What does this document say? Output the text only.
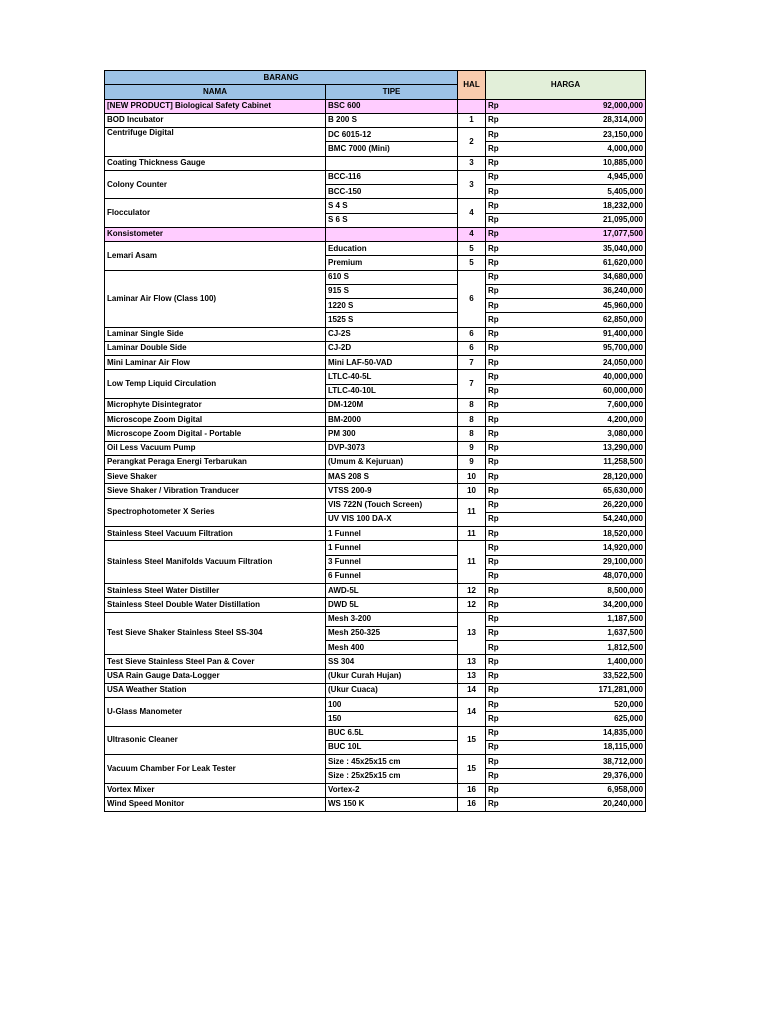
BARANG		HAL	HARGA	
NAMA	TIPE			
[NEW PRODUCT] Biological Safety Cabinet	BSC 600		Rp	92,000,000
BOD Incubator	B 200 S	1	Rp	28,314,000
Centrifuge Digital	DC 6015-12	2	Rp	23,150,000
	BMC 7000 (Mini)		Rp	4,000,000
Coating Thickness Gauge		3	Rp	10,885,000
Colony Counter	BCC-116	3	Rp	4,945,000
	BCC-150		Rp	5,405,000
Flocculator	S 4 S	4	Rp	18,232,000
	S 6 S		Rp	21,095,000
Konsistometer		4	Rp	17,077,500
Lemari Asam	Education	5	Rp	35,040,000
	Premium	5	Rp	61,620,000
Laminar Air Flow (Class 100)	610 S	6	Rp	34,680,000
	915 S		Rp	36,240,000
	1220 S		Rp	45,960,000
	1525 S		Rp	62,850,000
Laminar Single Side	CJ-2S	6	Rp	91,400,000
Laminar Double Side	CJ-2D	6	Rp	95,700,000
Mini Laminar Air Flow	Mini LAF-50-VAD	7	Rp	24,050,000
Low Temp Liquid Circulation	LTLC-40-5L	7	Rp	40,000,000
	LTLC-40-10L		Rp	60,000,000
Microphyte Disintegrator	DM-120M	8	Rp	7,600,000
Microscope Zoom Digital	BM-2000	8	Rp	4,200,000
Microscope Zoom Digital - Portable	PM 300	8	Rp	3,080,000
Oil Less Vacuum Pump	DVP-3073	9	Rp	13,290,000
Perangkat Peraga Energi Terbarukan	(Umum & Kejuruan)	9	Rp	11,258,500
Sieve Shaker	MAS 208 S	10	Rp	28,120,000
Sieve Shaker / Vibration Tranducer	VTSS 200-9	10	Rp	65,630,000
Spectrophotometer X Series	VIS 722N (Touch Screen)	11	Rp	26,220,000
	UV VIS 100 DA-X		Rp	54,240,000
Stainless Steel Vacuum Filtration	1 Funnel	11	Rp	18,520,000
Stainless Steel Manifolds Vacuum Filtration	1 Funnel	11	Rp	14,920,000
	3 Funnel		Rp	29,100,000
	6 Funnel		Rp	48,070,000
Stainless Steel Water Distiller	AWD-5L	12	Rp	8,500,000
Stainless Steel Double Water Distillation	DWD 5L	12	Rp	34,200,000
Test Sieve Shaker Stainless Steel SS-304	Mesh 3-200	13	Rp	1,187,500
	Mesh 250-325		Rp	1,637,500
	Mesh 400		Rp	1,812,500
Test Sieve Stainless Steel Pan & Cover	SS 304	13	Rp	1,400,000
USA Rain Gauge Data-Logger	(Ukur Curah Hujan)	13	Rp	33,522,500
USA Weather Station	(Ukur Cuaca)	14	Rp	171,281,000
U-Glass Manometer	100	14	Rp	520,000
	150		Rp	625,000
Ultrasonic Cleaner	BUC 6.5L	15	Rp	14,835,000
	BUC 10L		Rp	18,115,000
Vacuum Chamber For Leak Tester	Size : 45x25x15 cm	15	Rp	38,712,000
	Size : 25x25x15 cm		Rp	29,376,000
Vortex Mixer	Vortex-2	16	Rp	6,958,000
Wind Speed Monitor	WS 150 K	16	Rp	20,240,000
